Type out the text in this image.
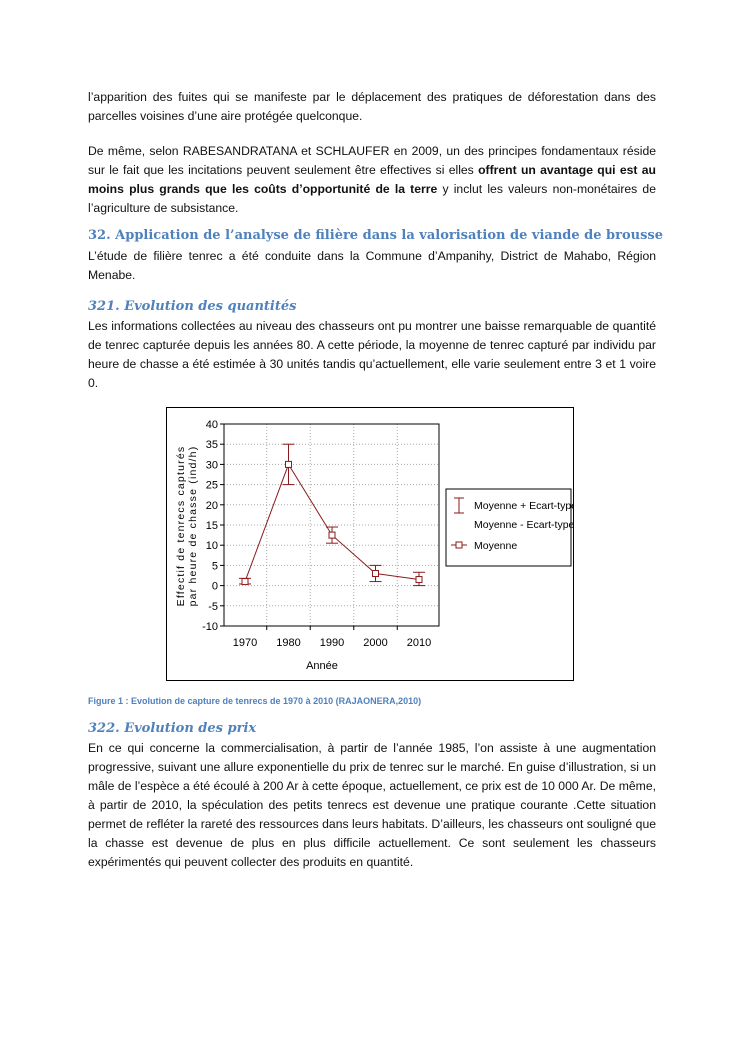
l’apparition des fuites qui se manifeste par le déplacement des pratiques de déforestation dans des parcelles voisines d’une aire protégée quelconque.
De même, selon RABESANDRATANA et SCHLAUFER en 2009, un des principes fondamentaux réside sur le fait que les incitations peuvent seulement être effectives si elles offrent un avantage qui est au moins plus grands que les coûts d’opportunité de la terre y inclut les valeurs non-monétaires de l’agriculture de subsistance.
32. Application de l’analyse de filière dans la valorisation de viande de brousse
L’étude de filière tenrec a été conduite dans la Commune d’Ampanihy, District de Mahabo, Région Menabe.
321. Evolution des quantités
Les informations collectées au niveau des chasseurs ont pu montrer une baisse remarquable de quantité de tenrec capturée depuis les années 80. A cette période, la moyenne de tenrec capturé par individu par heure de chasse a été estimée à 30 unités tandis qu’actuellement, elle varie seulement entre 3 et 1 voire 0.
-10
-5
0
5
10
15
20
25
30
35
40
1970 1980 1990 2000 2010
Année
Effectif de tenrecs capturés par heure de chasse (ind/h)	Moyenne + Ecart-type
Moyenne - Ecart-type
Moyenne
Figure 1 : Evolution de capture de tenrecs de 1970 à 2010 (RAJAONERA,2010)
322. Evolution des prix
En ce qui concerne la commercialisation, à partir de l’année 1985, l’on assiste à une augmentation progressive, suivant une allure exponentielle du prix de tenrec sur le marché. En guise d’illustration, si un mâle de l’espèce a été écoulé à 200 Ar à cette époque, actuellement, ce prix est de 10 000 Ar. De même, à partir de 2010, la spéculation des petits tenrecs est devenue une pratique courante .Cette situation permet de refléter la rareté des ressources dans leurs habitats. D’ailleurs, les chasseurs ont souligné que la chasse est devenue de plus en plus difficile actuellement. Ce sont seulement les chasseurs expérimentés qui peuvent collecter des produits en quantité.
